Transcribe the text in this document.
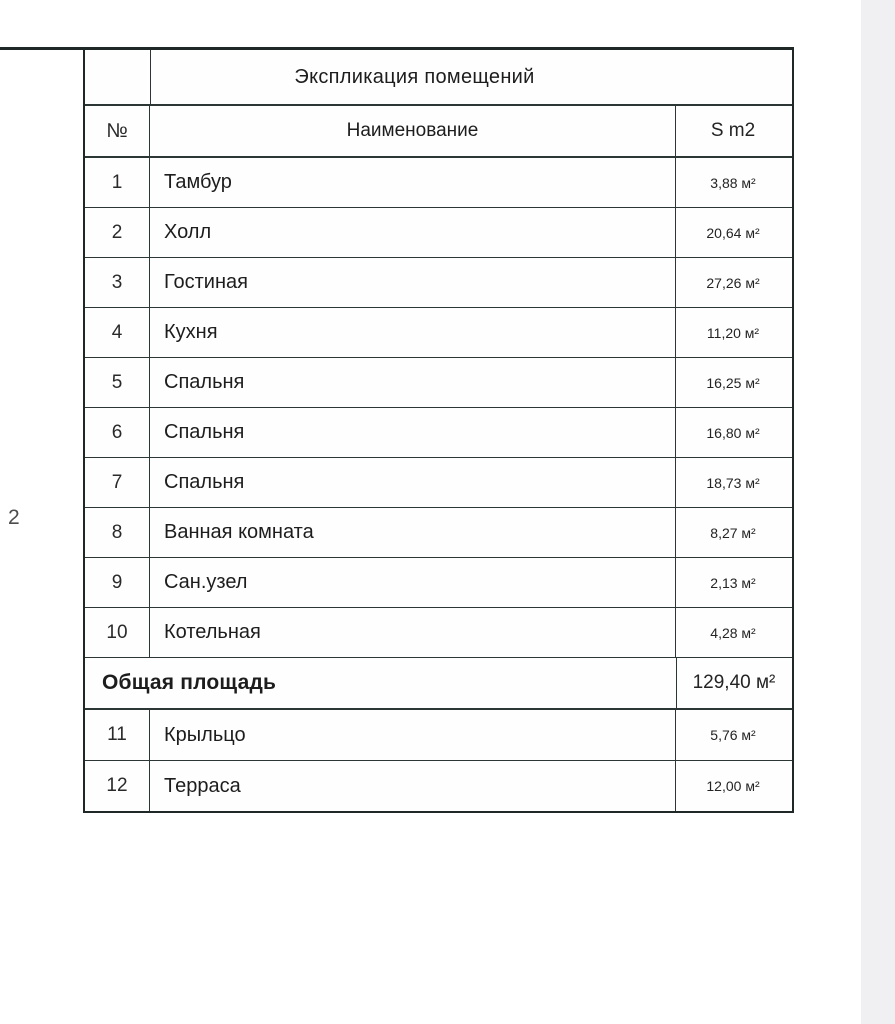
2
Экспликация помещений
№	Наименование	S m2
1	Тамбур	3,88 м²
2	Холл	20,64 м²
3	Гостиная	27,26 м²
4	Кухня	11,20 м²
5	Спальня	16,25 м²
6	Спальня	16,80 м²
7	Спальня	18,73 м²
8	Ванная комната	8,27 м²
9	Сан.узел	2,13 м²
10	Котельная	4,28 м²
Общая площадь	129,40 м²
11	Крыльцо	5,76 м²
12	Терраса	12,00 м²
